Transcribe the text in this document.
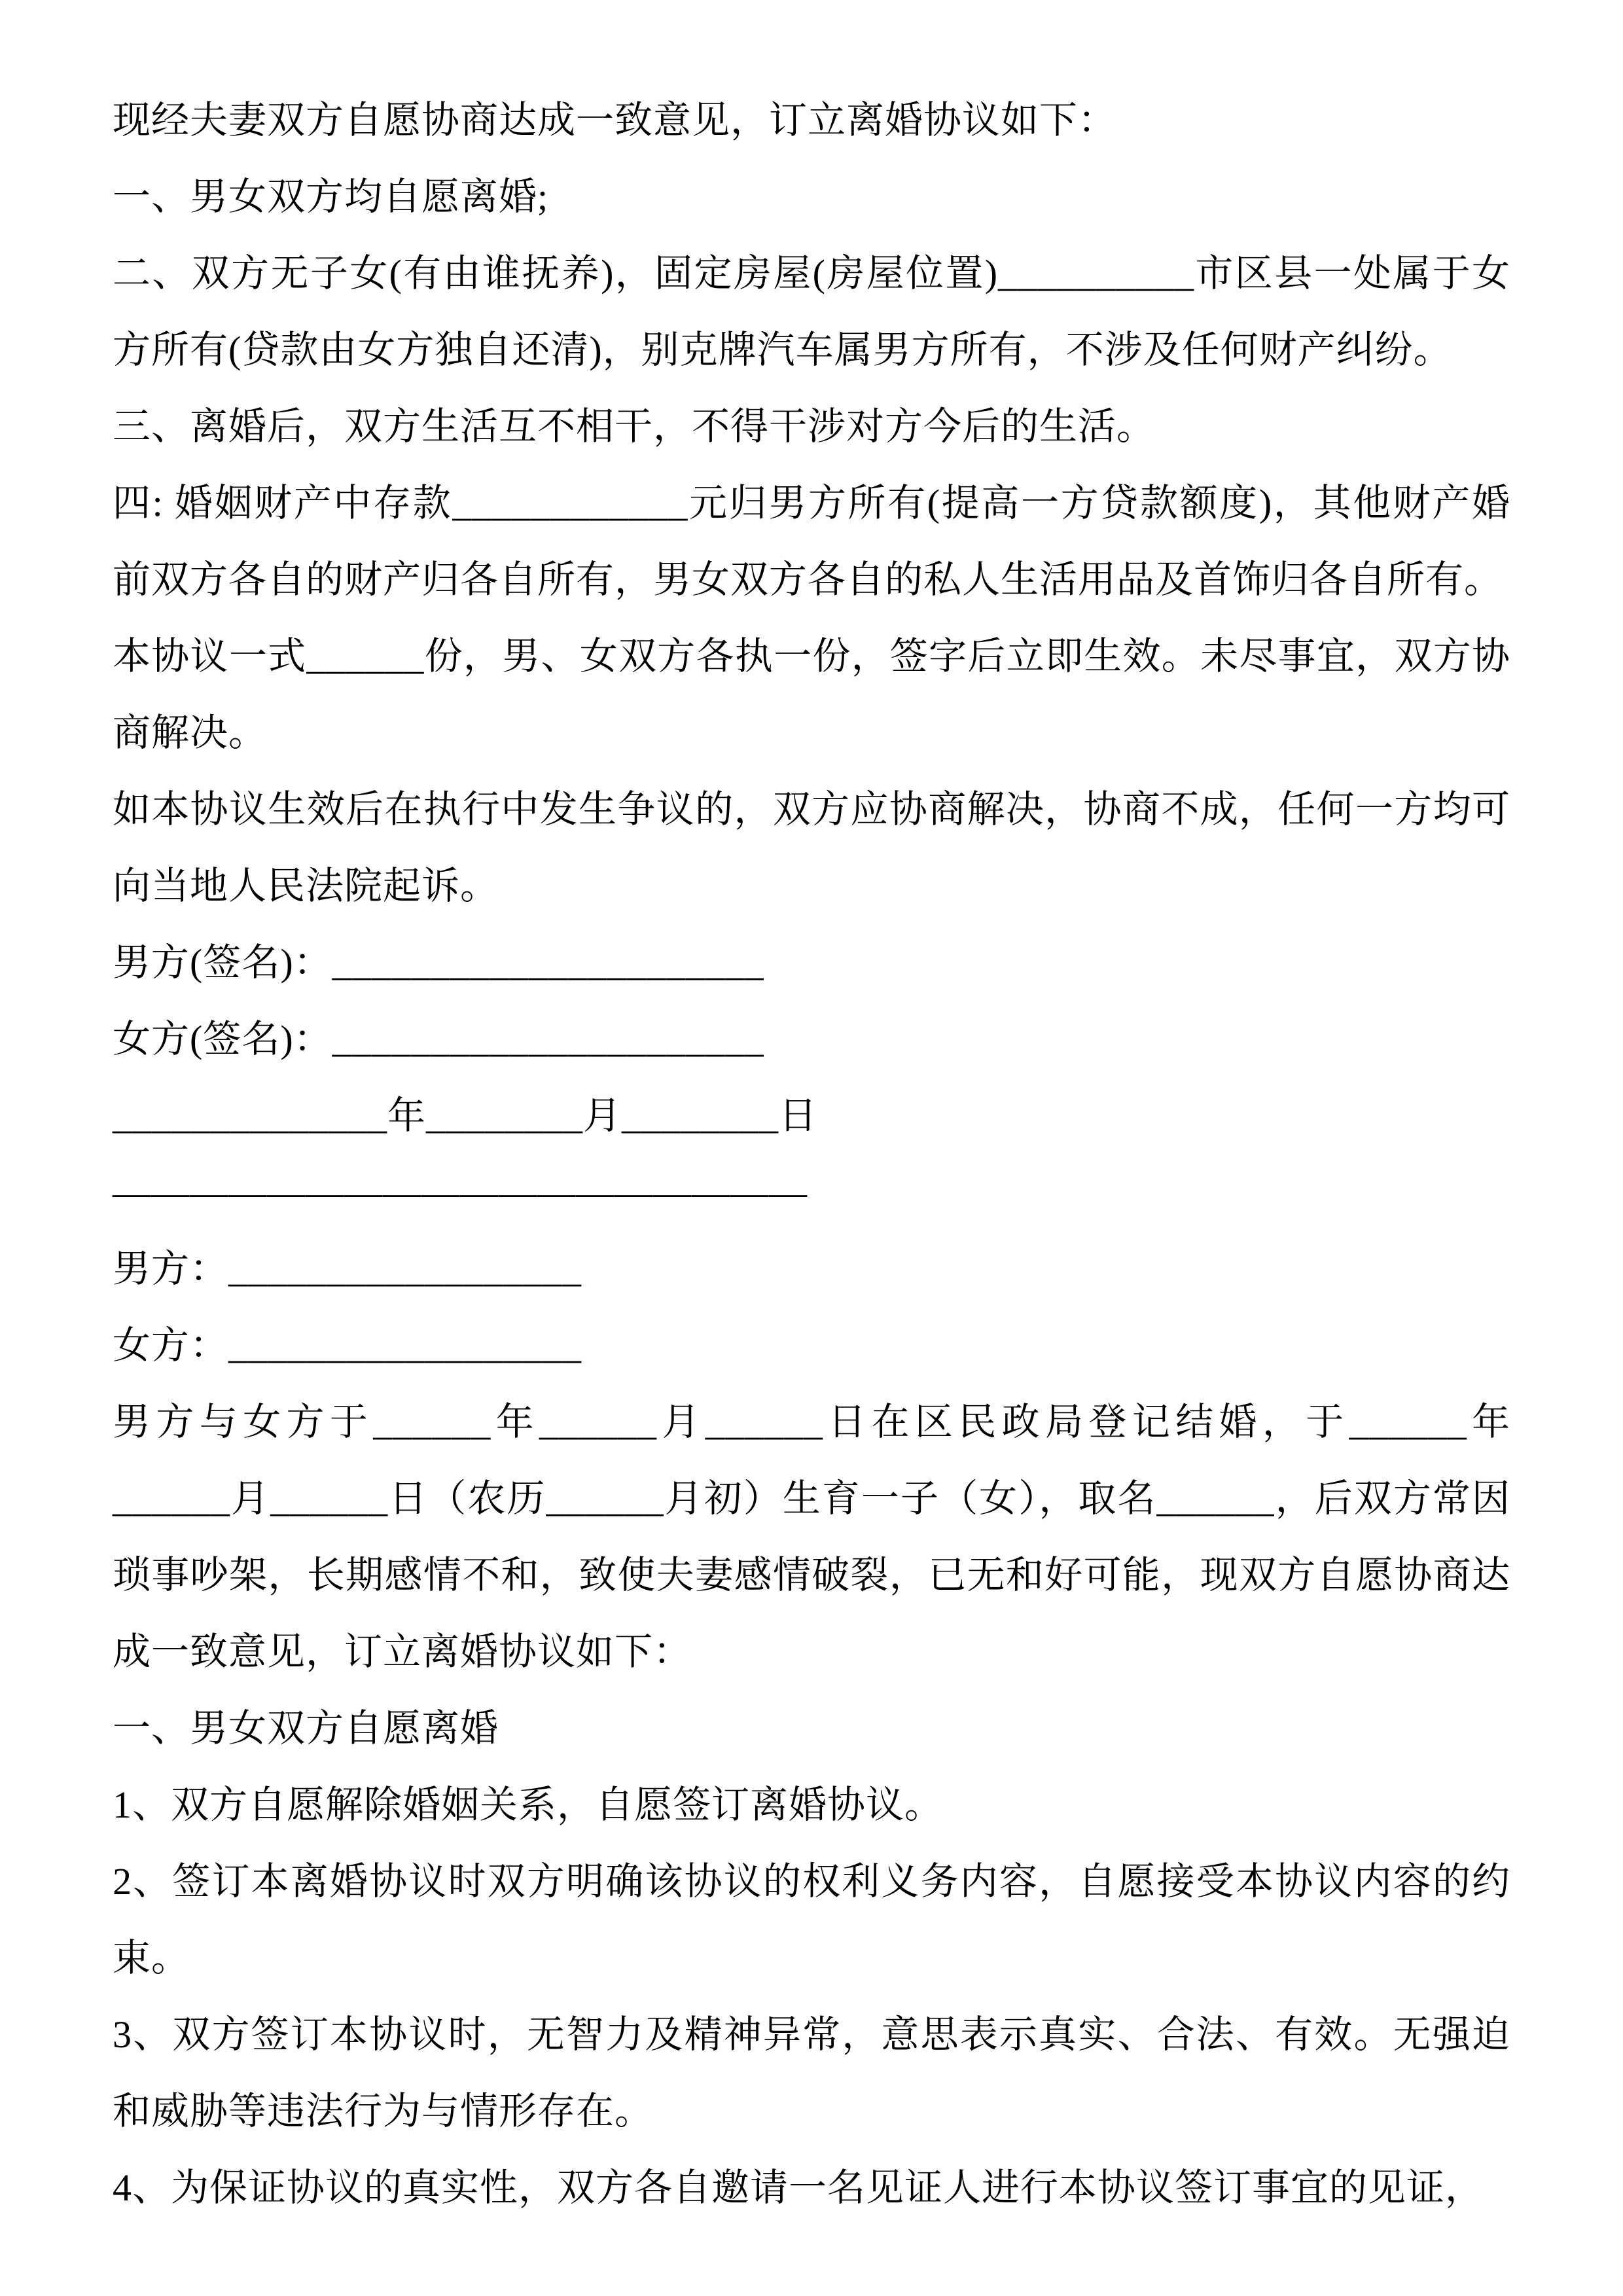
现经夫妻双方自愿协商达成一致意见，订立离婚协议如下：

一、男女双方均自愿离婚;

二、双方无子女(有由谁抚养)，固定房屋(房屋位置)__________市区县一处属于女方所有(贷款由女方独自还清)，别克牌汽车属男方所有，不涉及任何财产纠纷。

三、离婚后，双方生活互不相干，不得干涉对方今后的生活。

四: 婚姻财产中存款____________元归男方所有(提高一方贷款额度)，其他财产婚前双方各自的财产归各自所有，男女双方各自的私人生活用品及首饰归各自所有。

本协议一式______份，男、女双方各执一份，签字后立即生效。未尽事宜，双方协商解决。

如本协议生效后在执行中发生争议的，双方应协商解决，协商不成，任何一方均可向当地人民法院起诉。

男方(签名)：______________________

女方(签名)：______________________

______________年________月________日

——————————————————

男方：__________________

女方：__________________

男方与女方于______年______月______日在区民政局登记结婚，于______年______月______日（农历______月初）生育一子（女），取名______，后双方常因琐事吵架，长期感情不和，致使夫妻感情破裂，已无和好可能，现双方自愿协商达成一致意见，订立离婚协议如下：

一、男女双方自愿离婚

1、双方自愿解除婚姻关系，自愿签订离婚协议。

2、签订本离婚协议时双方明确该协议的权利义务内容，自愿接受本协议内容的约束。

3、双方签订本协议时，无智力及精神异常，意思表示真实、合法、有效。无强迫和威胁等违法行为与情形存在。

4、为保证协议的真实性，双方各自邀请一名见证人进行本协议签订事宜的见证，
